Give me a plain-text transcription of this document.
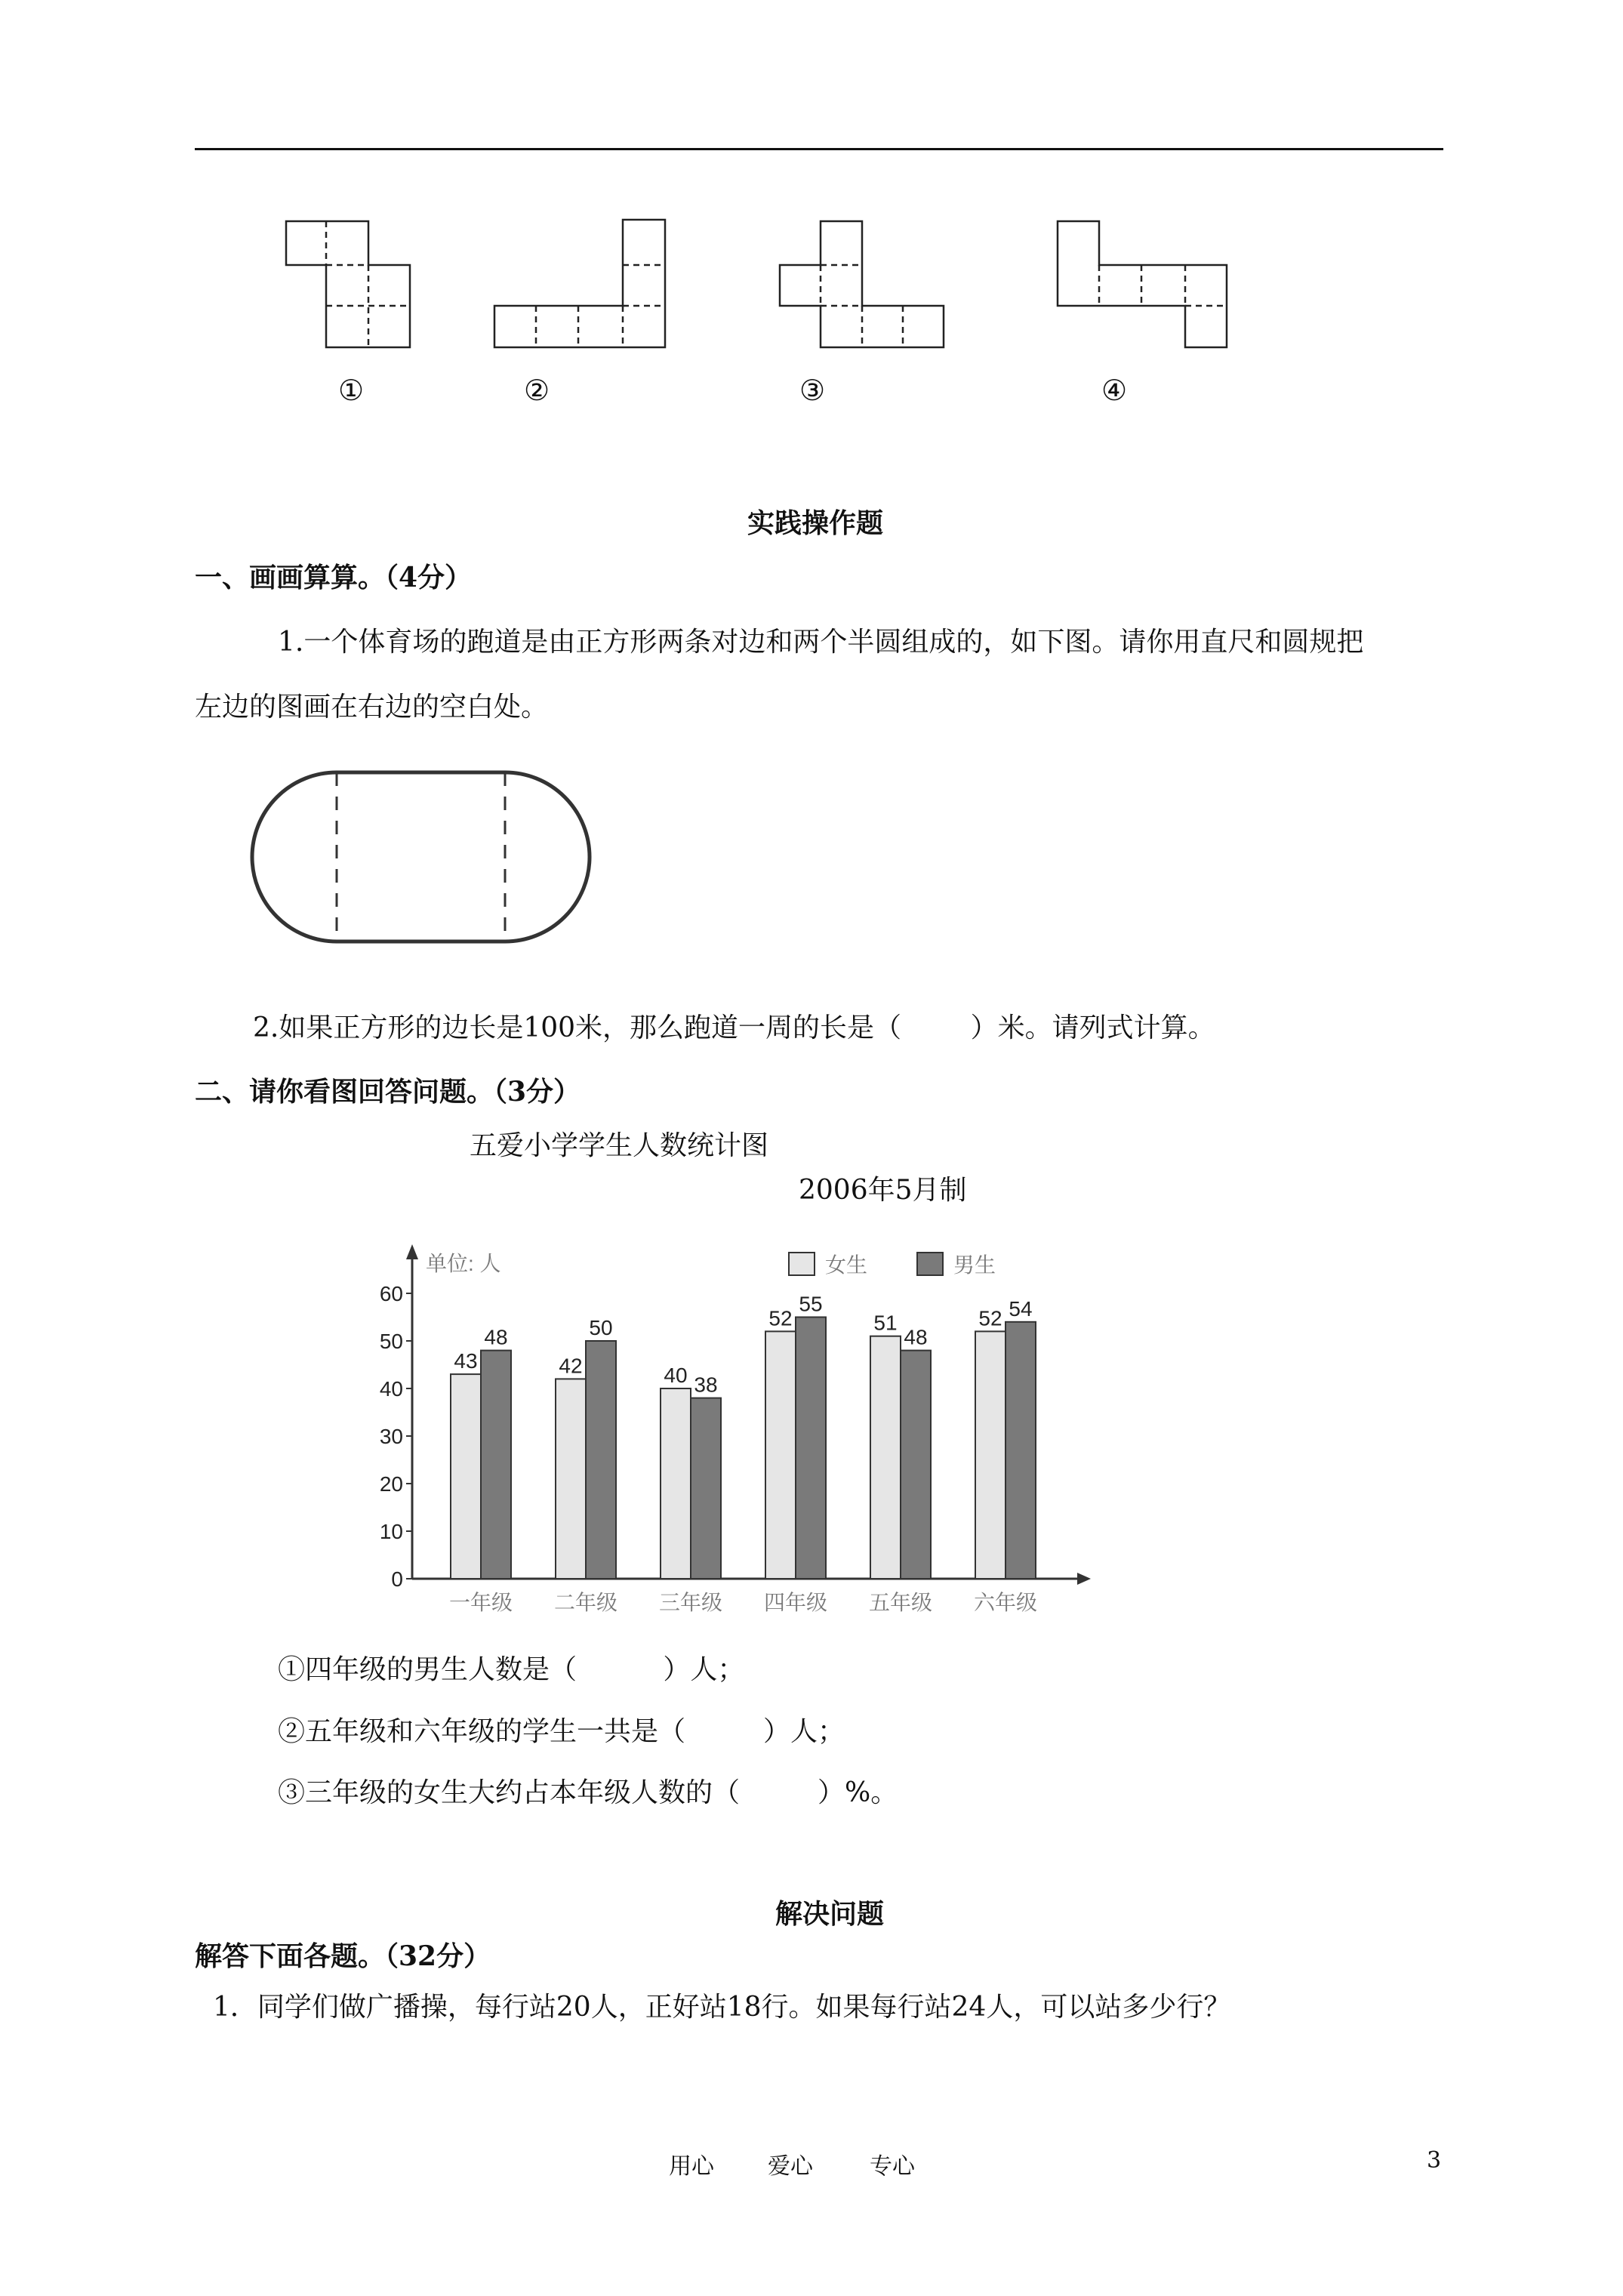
①	②	③	④
实践操作题
一、画画算算。（4分）
1.一个体育场的跑道是由正方形两条对边和两个半圆组成的，如下图。请你用直尺和圆规把
左边的图画在右边的空白处。
2.如果正方形的边长是100米，那么跑道一周的长是（        ）米。请列式计算。
二、请你看图回答问题。（3分）
五爱小学学生人数统计图
2006年5月制
0
10
20
30
40
50
60
单位: 人	女生	男生
43
48
一年级
42
50
二年级
40 38
三年级
52
55
四年级
51
48
五年级
52 54
六年级
①四年级的男生人数是（          ）人；
②五年级和六年级的学生一共是（         ）人；
③三年级的女生大约占本年级人数的（         ）%。
解决问题
解答下面各题。（32分）
1．同学们做广播操，每行站20人，正好站18行。如果每行站24人，可以站多少行？
用心 爱心	专心	3
